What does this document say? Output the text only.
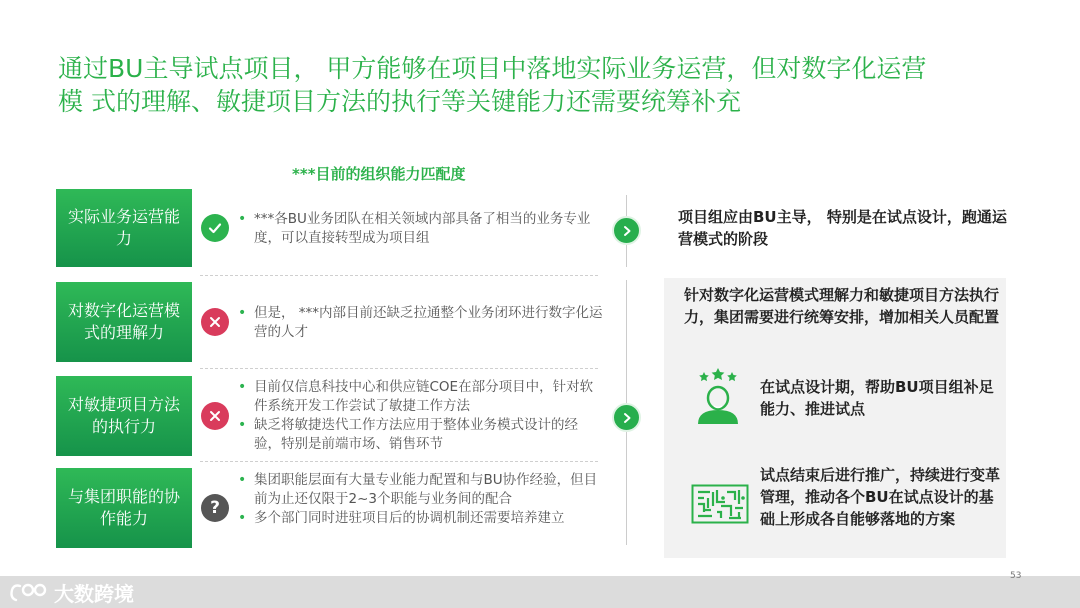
通过BU主导试点项目， 甲方能够在项目中落地实际业务运营，但对数字化运营
模 式的理解、敏捷项目方法的执行等关键能力还需要统筹补充
***目前的组织能力匹配度
实际业务运营能力
• ***各BU业务团队在相关领域内部具备了相当的业务专业度，可以直接转型成为项目组
对数字化运营模式的理解力
• 但是， ***内部目前还缺乏拉通整个业务闭环进行数字化运营的人才
对敏捷项目方法的执行力
• 目前仅信息科技中心和供应链COE在部分项目中，针对软件系统开发工作尝试了敏捷工作方法
• 缺乏将敏捷迭代工作方法应用于整体业务模式设计的经验，特别是前端市场、销售环节
与集团职能的协作能力
?
• 集团职能层面有大量专业能力配置和与BU协作经验，但目前为止还仅限于2~3个职能与业务间的配合
• 多个部门同时进驻项目后的协调机制还需要培养建立
项目组应由BU主导， 特别是在试点设计，跑通运营模式的阶段
针对数字化运营模式理解力和敏捷项目方法执行力，集团需要进行统筹安排，增加相关人员配置
在试点设计期，帮助BU项目组补足能力、推进试点
试点结束后进行推广，持续进行变革管理，推动各个BU在试点设计的基础上形成各自能够落地的方案
大数跨境
53
